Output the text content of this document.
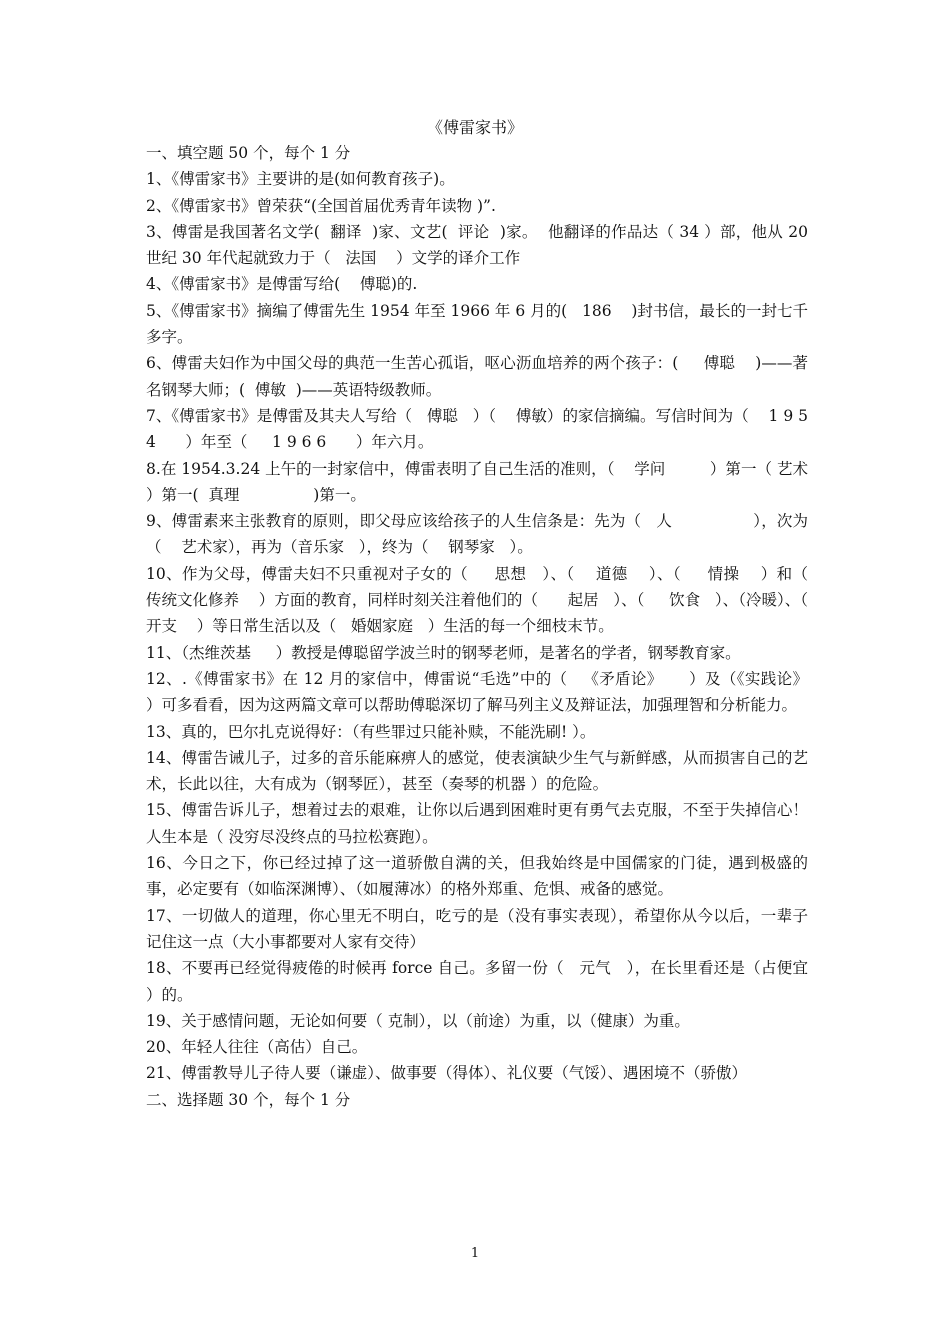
《傅雷家书》

一、填空题 50 个，每个 1 分

1、《傅雷家书》主要讲的是(如何教育孩子)。

2、《傅雷家书》曾荣获“(全国首届优秀青年读物 )”.

3、傅雷是我国著名文学(  翻译  )家、文艺(  评论  )家。  他翻译的作品达（ 34 ）部，他从 20 世纪 30 年代起就致力于（   法国    ）文学的译介工作

4、《傅雷家书》是傅雷写给(    傅聪)的.

5、《傅雷家书》摘编了傅雷先生 1954 年至 1966 年 6 月的(   186    )封书信，最长的一封七千多字。

6、傅雷夫妇作为中国父母的典范一生苦心孤诣，呕心沥血培养的两个孩子：(     傅聪    )——著名钢琴大师；(  傅敏  )——英语特级教师。

7、《傅雷家书》是傅雷及其夫人写给（   傅聪   ）（    傅敏）的家信摘编。写信时间为（    1 9 5 4      ）年至（     1 9 6 6      ）年六月。

8.在 1954.3.24 上午的一封家信中，傅雷表明了自己生活的准则，（    学问         ）第一（ 艺术  ）第一(  真理               )第一。

9、傅雷素来主张教育的原则，即父母应该给孩子的人生信条是：先为（   人                ），次为（    艺术家），再为（音乐家   ），终为（    钢琴家   ）。

10、作为父母，傅雷夫妇不只重视对子女的（     思想   ）、（    道德    ）、（     情操    ）和（    传统文化修养    ）方面的教育，同样时刻关注着他们的（      起居   ）、（     饮食   ）、（冷暖）、（     开支    ）等日常生活以及（   婚姻家庭   ）生活的每一个细枝末节。

11、（杰维茨基     ）教授是傅聪留学波兰时的钢琴老师，是著名的学者，钢琴教育家。

12、.《傅雷家书》在 12 月的家信中，傅雷说“毛选”中的（   《矛盾论》     ）及（《实践论》    ）可多看看，因为这两篇文章可以帮助傅聪深切了解马列主义及辩证法，加强理智和分析能力。

13、真的，巴尔扎克说得好：（有些罪过只能补赎，不能洗刷! ）。

14、傅雷告诫儿子，过多的音乐能麻痹人的感觉，使表演缺少生气与新鲜感，从而损害自己的艺术，长此以往，大有成为（钢琴匠），甚至（奏琴的机器 ）的危险。

15、傅雷告诉儿子，想着过去的艰难，让你以后遇到困难时更有勇气去克服，不至于失掉信心！人生本是（ 没穷尽没终点的马拉松赛跑）。

16、今日之下，你已经过掉了这一道骄傲自满的关，但我始终是中国儒家的门徒，遇到极盛的事，必定要有（如临深渊博）、（如履薄冰）的格外郑重、危惧、戒备的感觉。

17、一切做人的道理，你心里无不明白，吃亏的是（没有事实表现），希望你从今以后，一辈子记住这一点（大小事都要对人家有交待）

18、不要再已经觉得疲倦的时候再 force 自己。多留一份（   元气   ），在长里看还是（占便宜   ）的。

19、关于感情问题，无论如何要（ 克制），以（前途）为重，以（健康）为重。

20、年轻人往往（高估）自己。

21、傅雷教导儿子待人要（谦虚）、做事要（得体）、礼仪要（气馁）、遇困境不（骄傲）

二、选择题 30 个，每个 1 分

1
